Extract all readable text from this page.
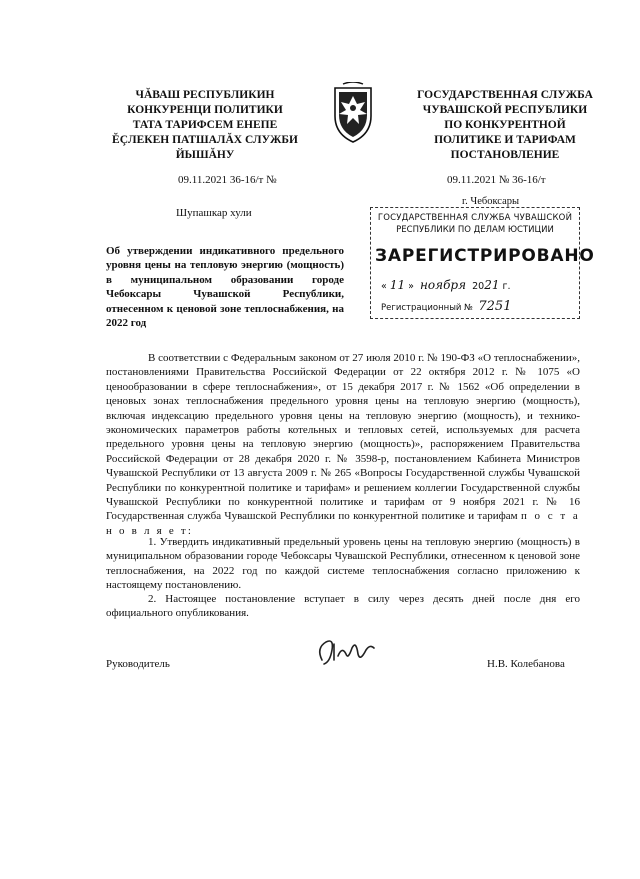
ЧĂВАШ РЕСПУБЛИКИН
КОНКУРЕНЦИ ПОЛИТИКИ
ТАТА ТАРИФСЕМ ЕНЕПЕ
ĔÇЛЕКЕН ПАТШАЛĂХ СЛУЖБИ
ЙЫШĂНУ
ГОСУДАРСТВЕННАЯ СЛУЖБА
ЧУВАШСКОЙ РЕСПУБЛИКИ
ПО КОНКУРЕНТНОЙ
ПОЛИТИКЕ И ТАРИФАМ
ПОСТАНОВЛЕНИЕ
09.11.2021 36-16/т №	09.11.2021 № 36-16/т
Шупашкар хули
г. Чебоксары
ГОСУДАРСТВЕННАЯ СЛУЖБА ЧУВАШСКОЙ
РЕСПУБЛИКИ ПО ДЕЛАМ ЮСТИЦИИ
ЗАРЕГИСТРИРОВАНО
« 11 » ноября 2021 г.
Регистрационный № 7251
Об утверждении индикативного предельного уровня цены на тепловую энергию (мощность) в муниципальном образовании городе Чебоксары Чувашской Республики, отнесенном к ценовой зоне теплоснабжения, на 2022 год
В соответствии с Федеральным законом от 27 июля 2010 г. № 190-ФЗ «О теплоснабжении», постановлениями Правительства Российской Федерации от 22 октября 2012 г. № 1075 «О ценообразовании в сфере теплоснабжения», от 15 декабря 2017 г. № 1562 «Об определении в ценовых зонах теплоснабжения предельного уровня цены на тепловую энергию (мощность), включая индексацию предельного уровня цены на тепловую энергию (мощность), и технико-экономических параметров работы котельных и тепловых сетей, используемых для расчета предельного уровня цены на тепловую энергию (мощность)», распоряжением Правительства Российской Федерации от 28 декабря 2020 г. № 3598-р, постановлением Кабинета Министров Чувашской Республики от 13 августа 2009 г. № 265 «Вопросы Государственной службы Чувашской Республики по конкурентной политике и тарифам» и решением коллегии Государственной службы Чувашской Республики по конкурентной политике и тарифам от 9 ноября 2021 г. № 16 Государственная служба Чувашской Республики по конкурентной политике и тарифам п о с т а н о в л я е т:
1. Утвердить индикативный предельный уровень цены на тепловую энергию (мощность) в муниципальном образовании городе Чебоксары Чувашской Республики, отнесенном к ценовой зоне теплоснабжения, на 2022 год по каждой системе теплоснабжения согласно приложению к настоящему постановлению.
2. Настоящее постановление вступает в силу через десять дней после дня его официального опубликования.
Руководитель	Н.В. Колебанова
